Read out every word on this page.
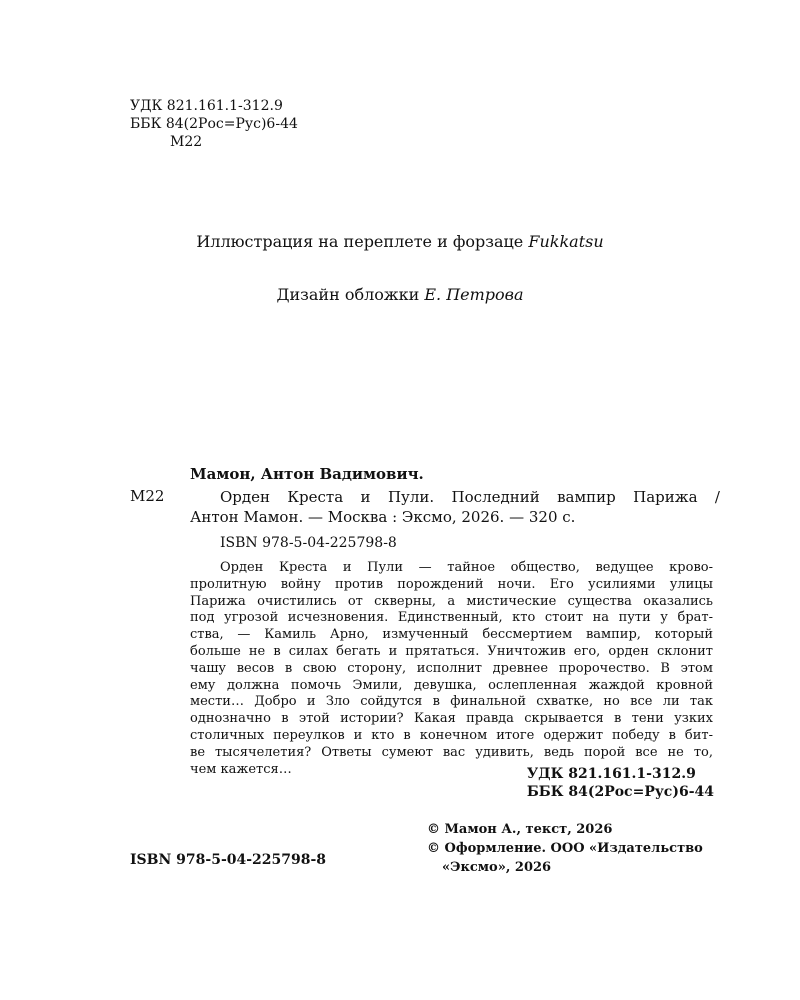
УДК 821.161.1-312.9
ББК 84(2Рос=Рус)6-44
М22
Иллюстрация на переплете и форзаце Fukkatsu
Дизайн обложки Е. Петрова
Мамон, Антон Вадимович.
М22	Орден Креста и Пули. Последний вампир Парижа /
Антон Мамон. — Москва : Эксмо, 2026. — 320 с.
ISBN 978-5-04-225798-8
Орден Креста и Пули — тайное общество, ведущее крово-
пролитную войну против порождений ночи. Его усилиями улицы
Парижа очистились от скверны, а мистические существа оказались
под угрозой исчезновения. Единственный, кто стоит на пути у брат-
ства, — Камиль Арно, измученный бессмертием вампир, который
больше не в силах бегать и прятаться. Уничтожив его, орден склонит
чашу весов в свою сторону, исполнит древнее пророчество. В этом
ему должна помочь Эмили, девушка, ослепленная жаждой кровной
мести… Добро и Зло сойдутся в финальной схватке, но все ли так
однозначно в этой истории? Какая правда скрывается в тени узких
столичных переулков и кто в конечном итоге одержит победу в бит-
ве тысячелетия? Ответы сумеют вас удивить, ведь порой все не то,
чем кажется…	УДК 821.161.1-312.9
ББК 84(2Рос=Рус)6-44
© Мамон А., текст, 2026
© Оформление. ООО «Издательство
«Эксмо», 2026
ISBN 978-5-04-225798-8
